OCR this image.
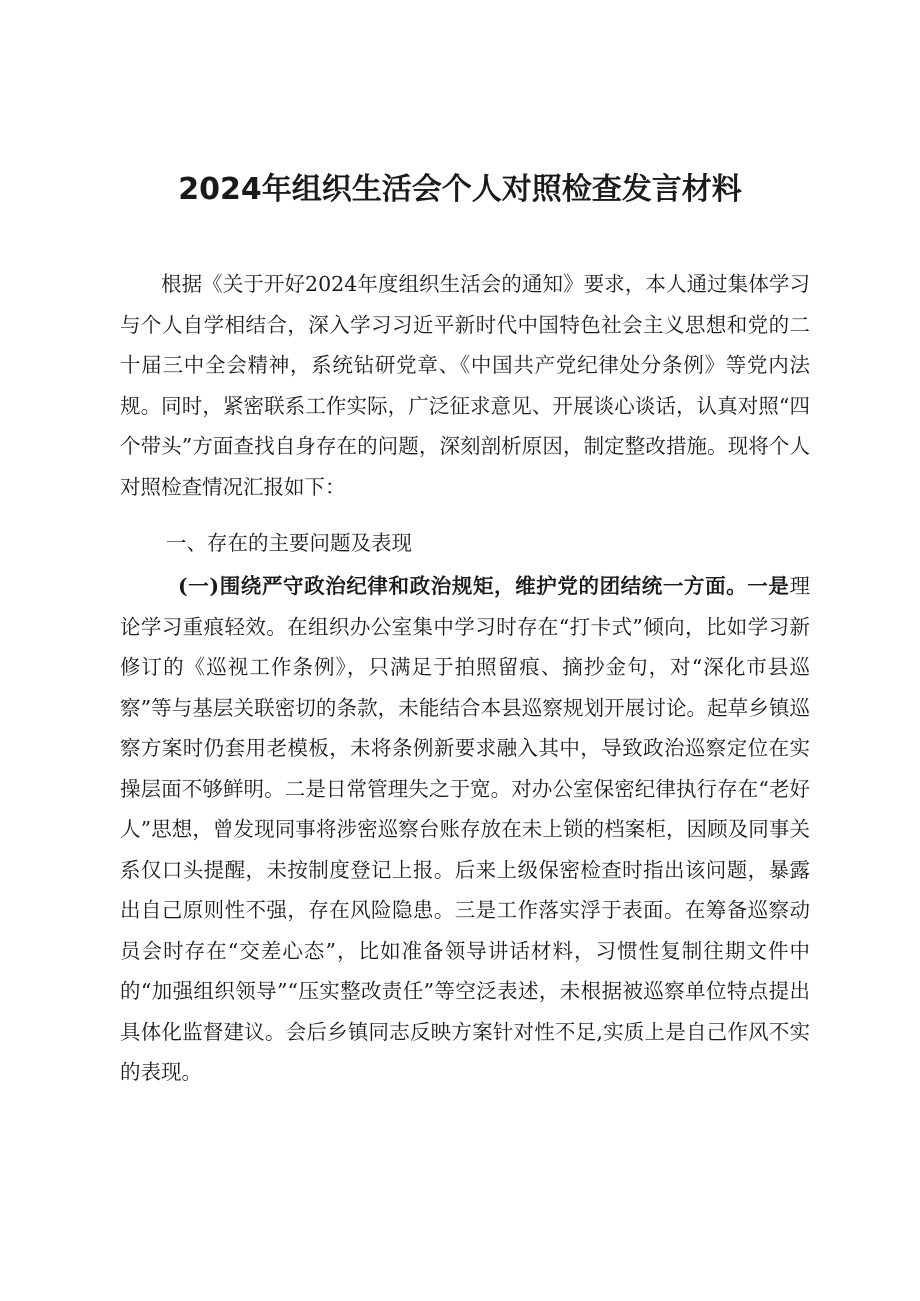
2024年组织生活会个人对照检查发言材料

根据《关于开好2024年度组织生活会的通知》要求，本人通过集体学习与个人自学相结合，深入学习习近平新时代中国特色社会主义思想和党的二十届三中全会精神，系统钻研党章、《中国共产党纪律处分条例》等党内法规。同时，紧密联系工作实际，广泛征求意见、开展谈心谈话，认真对照“四个带头”方面查找自身存在的问题，深刻剖析原因，制定整改措施。现将个人对照检查情况汇报如下：

一、存在的主要问题及表现

(一)围绕严守政治纪律和政治规矩，维护党的团结统一方面。一是理论学习重痕轻效。在组织办公室集中学习时存在“打卡式”倾向，比如学习新修订的《巡视工作条例》，只满足于拍照留痕、摘抄金句，对“深化市县巡察”等与基层关联密切的条款，未能结合本县巡察规划开展讨论。起草乡镇巡察方案时仍套用老模板，未将条例新要求融入其中，导致政治巡察定位在实操层面不够鲜明。二是日常管理失之于宽。对办公室保密纪律执行存在“老好人”思想，曾发现同事将涉密巡察台账存放在未上锁的档案柜，因顾及同事关系仅口头提醒，未按制度登记上报。后来上级保密检查时指出该问题，暴露出自己原则性不强，存在风险隐患。三是工作落实浮于表面。在筹备巡察动员会时存在“交差心态”，比如准备领导讲话材料，习惯性复制往期文件中的“加强组织领导”“压实整改责任”等空泛表述，未根据被巡察单位特点提出具体化监督建议。会后乡镇同志反映方案针对性不足,实质上是自己作风不实的表现。
